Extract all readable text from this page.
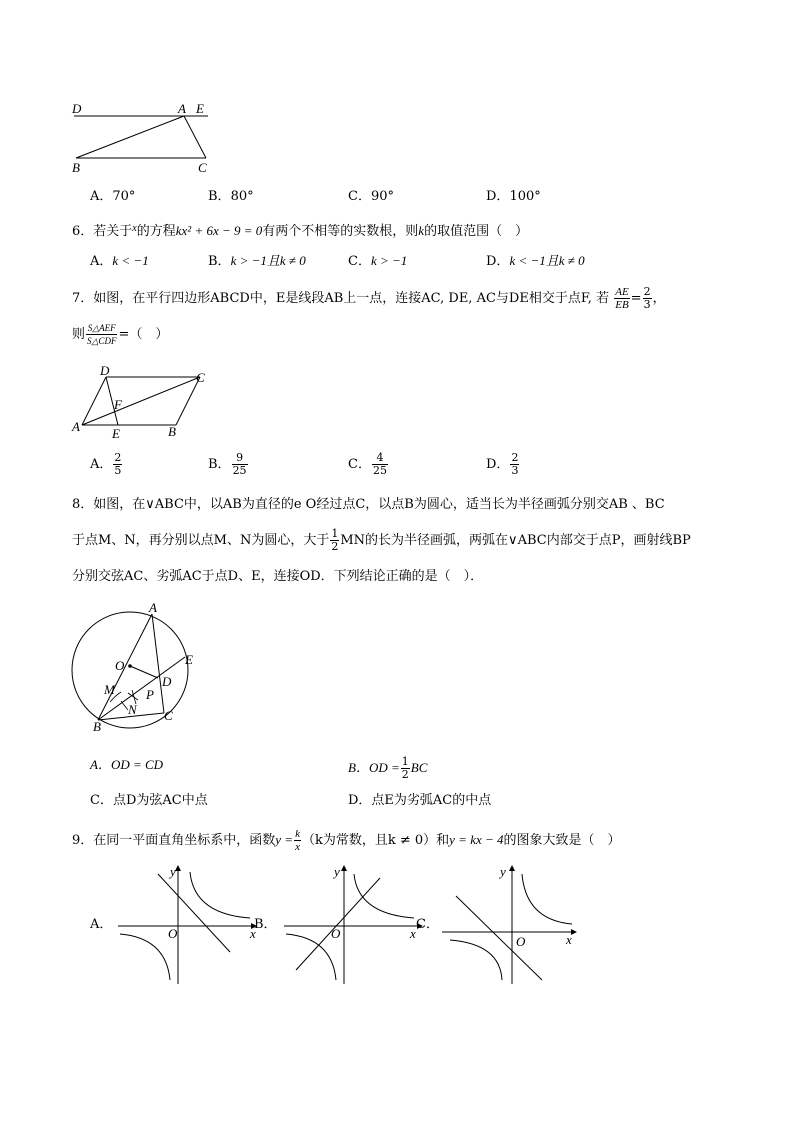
D	A E
B	C
A．70°	B．80°	C．90°	D．100°
6．若关于$^x$的方程kx² + 6x − 9 = 0有两个不相等的实数根，则k的取值范围（　）
A．k < −1	B．k > −1且k ≠ 0	C．k > −1	D．k < −1且k ≠ 0
7．如图，在平行四边形ABCD中，E是线段AB上一点，连接AC, DE, AC与DE相交于点F, 若 $\frac{AE}{EB} = \frac{2}{3}$ ，
则 $\frac{\text{S△AEF}}{\text{S△CDF}}$ =（　）
D	C
F
A E	B
A． $\frac{2}{5}$	B． $\frac{9}{25}$	C． $\frac{4}{25}$	D． $\frac{2}{3}$
8．如图，在∨ABC中，以AB为直径的e O经过点C，以点B为圆心，适当长为半径画弧分别交AB 、BC
于点M、N，再分别以点M、N为圆心，大于 $\frac{1}{2}$ MN的长为半径画弧，两弧在∨ABC内部交于点P，画射线BP
分别交弦AC、劣弧AC于点D、E，连接OD．下列结论正确的是（　）．
A
O	E
D
M P
N
B
C
A．OD = CD	B．OD = $\frac{1}{2}$ BC
C．点D为弦AC中点	D．点E为劣弧AC的中点
9．在同一平面直角坐标系中，函数$y = \frac{k}{x} (k$为常数，且k ≠ 0）和y = kx − 4的图象大致是（　）
A．	B．	C．
y
x
O
y
x
O
y
x
O
